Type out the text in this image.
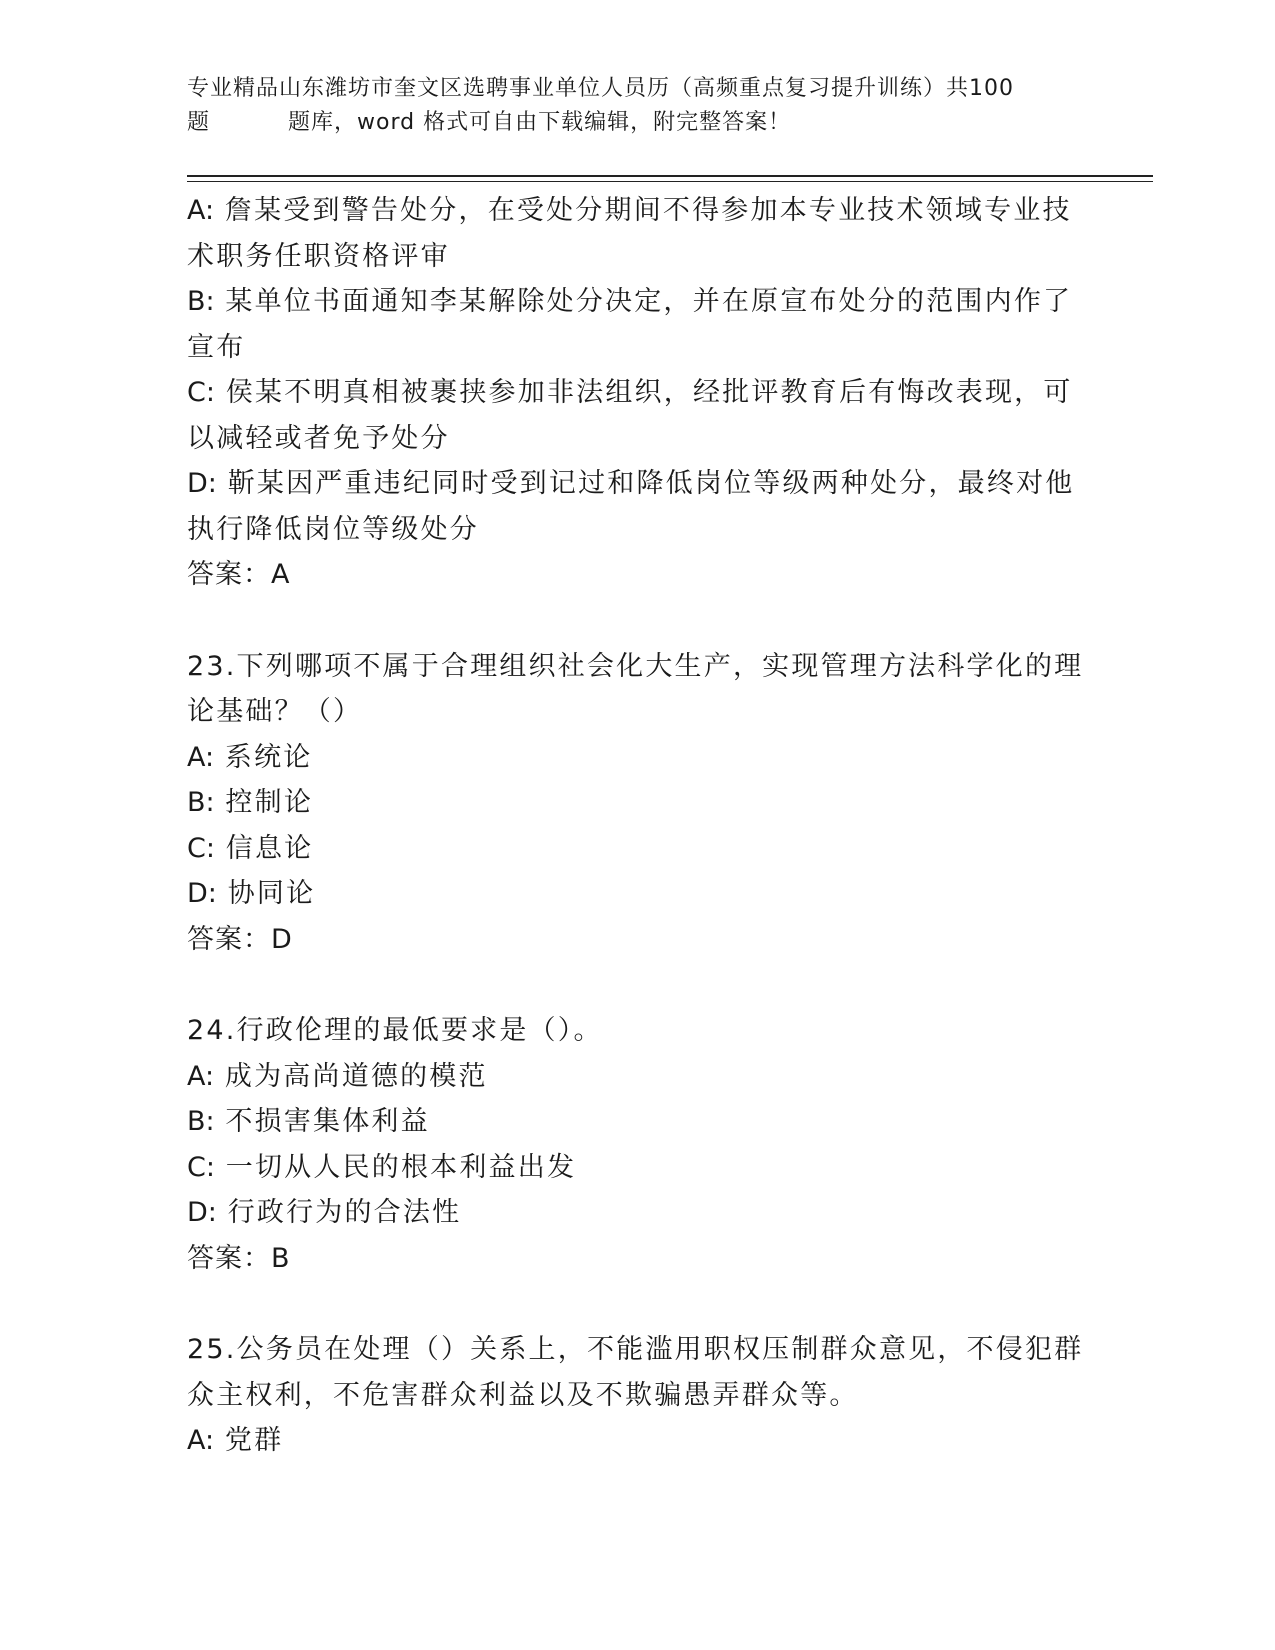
专业精品山东潍坊市奎文区选聘事业单位人员历（高频重点复习提升训练）共100
题	题库，word 格式可自由下载编辑，附完整答案！

A: 詹某受到警告处分，在受处分期间不得参加本专业技术领域专业技术职务任职资格评审

B: 某单位书面通知李某解除处分决定，并在原宣布处分的范围内作了宣布

C: 侯某不明真相被裹挟参加非法组织，经批评教育后有悔改表现，可以减轻或者免予处分

D: 靳某因严重违纪同时受到记过和降低岗位等级两种处分，最终对他执行降低岗位等级处分

答案：A

23.下列哪项不属于合理组织社会化大生产，实现管理方法科学化的理论基础？（）

A: 系统论

B: 控制论

C: 信息论

D: 协同论

答案：D

24.行政伦理的最低要求是（）。

A: 成为高尚道德的模范

B: 不损害集体利益

C: 一切从人民的根本利益出发

D: 行政行为的合法性

答案：B

25.公务员在处理（）关系上，不能滥用职权压制群众意见，不侵犯群众主权利，不危害群众利益以及不欺骗愚弄群众等。

A: 党群
